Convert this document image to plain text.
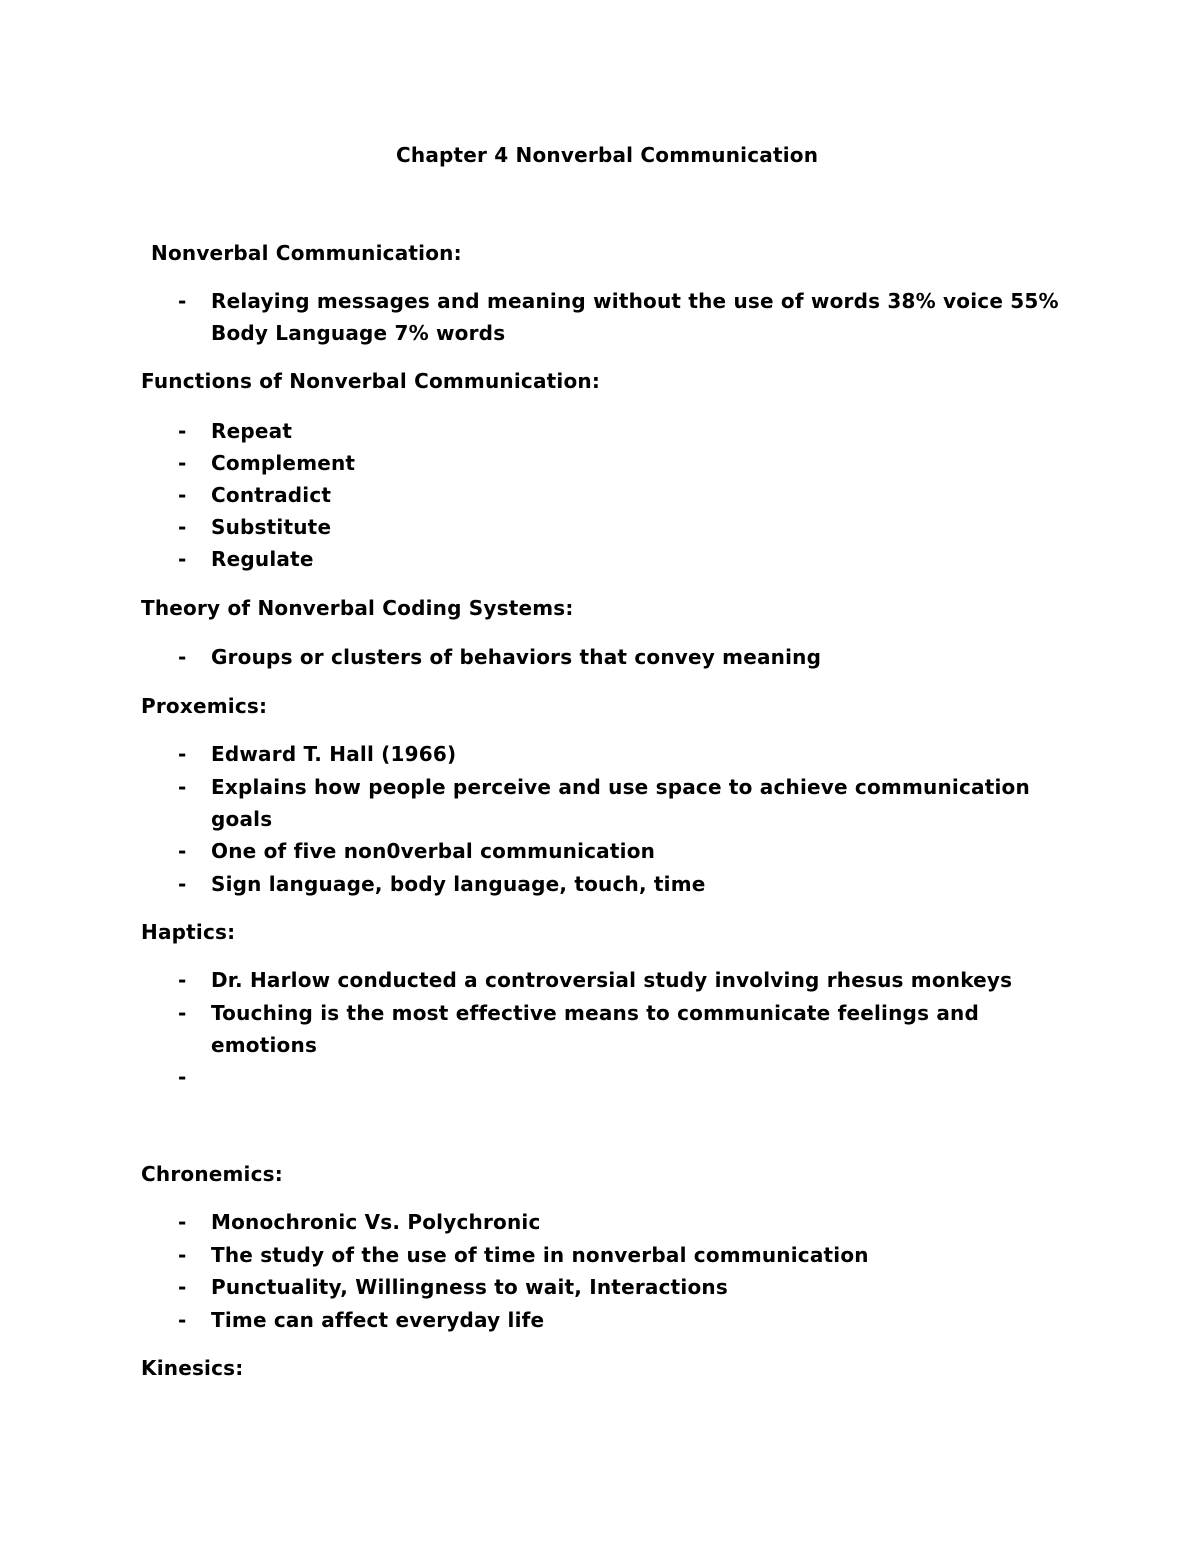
Chapter 4 Nonverbal Communication

Nonverbal Communication:

- Relaying messages and meaning without the use of words 38% voice 55%

Body Language 7% words

Functions of Nonverbal Communication:

- Repeat

- Complement

- Contradict

- Substitute

- Regulate

Theory of Nonverbal Coding Systems:

- Groups or clusters of behaviors that convey meaning

Proxemics:

- Edward T. Hall (1966)

- Explains how people perceive and use space to achieve communication

goals

- One of five non0verbal communication

- Sign language, body language, touch, time

Haptics:

- Dr. Harlow conducted a controversial study involving rhesus monkeys

- Touching is the most effective means to communicate feelings and

emotions

-

Chronemics:

- Monochronic Vs. Polychronic

- The study of the use of time in nonverbal communication

- Punctuality, Willingness to wait, Interactions

- Time can affect everyday life

Kinesics:
